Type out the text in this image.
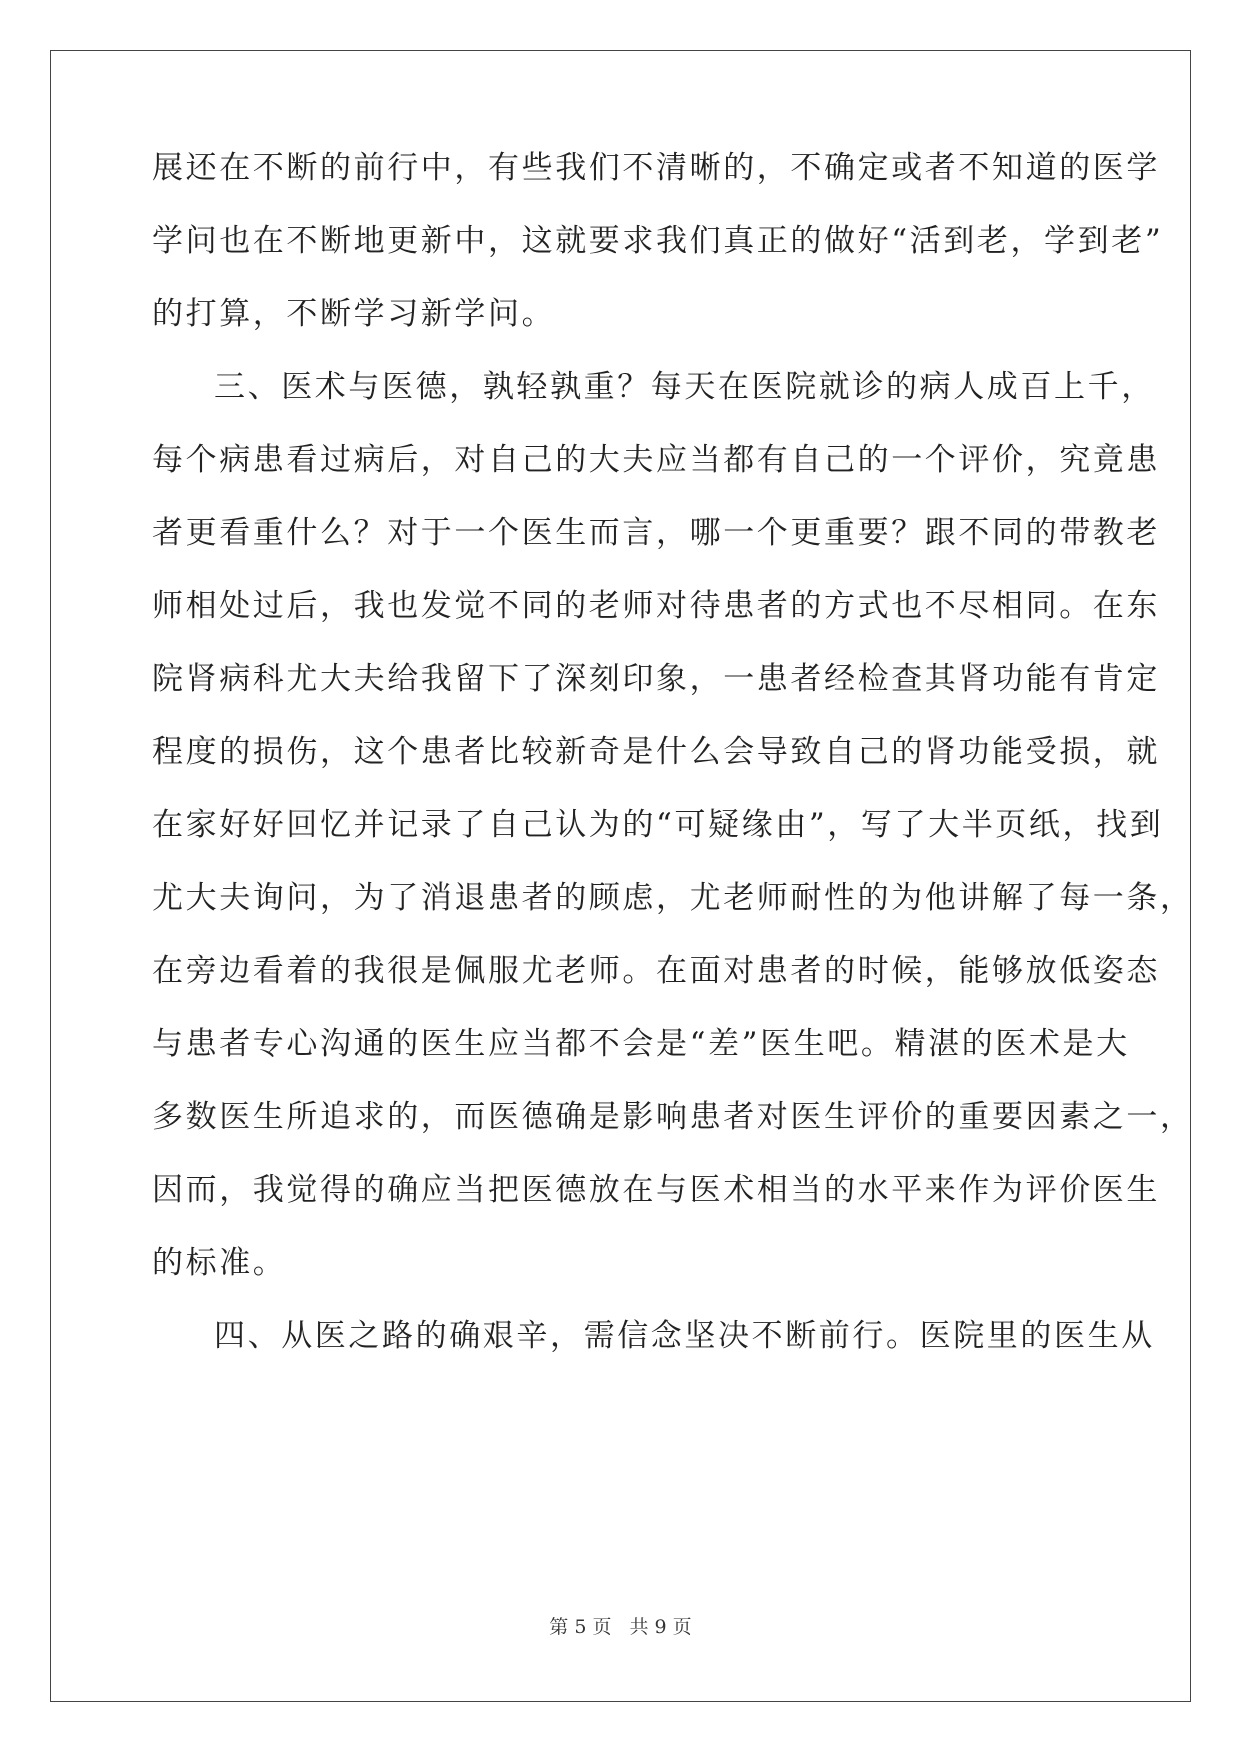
展还在不断的前行中，有些我们不清晰的，不确定或者不知道的医学
学问也在不断地更新中，这就要求我们真正的做好“活到老，学到老”
的打算，不断学习新学问。
三、医术与医德，孰轻孰重？每天在医院就诊的病人成百上千，
每个病患看过病后，对自己的大夫应当都有自己的一个评价，究竟患
者更看重什么？对于一个医生而言，哪一个更重要？跟不同的带教老
师相处过后，我也发觉不同的老师对待患者的方式也不尽相同。在东
院肾病科尤大夫给我留下了深刻印象，一患者经检查其肾功能有肯定
程度的损伤，这个患者比较新奇是什么会导致自己的肾功能受损，就
在家好好回忆并记录了自己认为的“可疑缘由”，写了大半页纸，找到
尤大夫询问，为了消退患者的顾虑，尤老师耐性的为他讲解了每一条，
在旁边看着的我很是佩服尤老师。在面对患者的时候，能够放低姿态
与患者专心沟通的医生应当都不会是“差”医生吧。精湛的医术是大
多数医生所追求的，而医德确是影响患者对医生评价的重要因素之一，
因而，我觉得的确应当把医德放在与医术相当的水平来作为评价医生
的标准。
四、从医之路的确艰辛，需信念坚决不断前行。医院里的医生从
第 5 页 共 9 页
